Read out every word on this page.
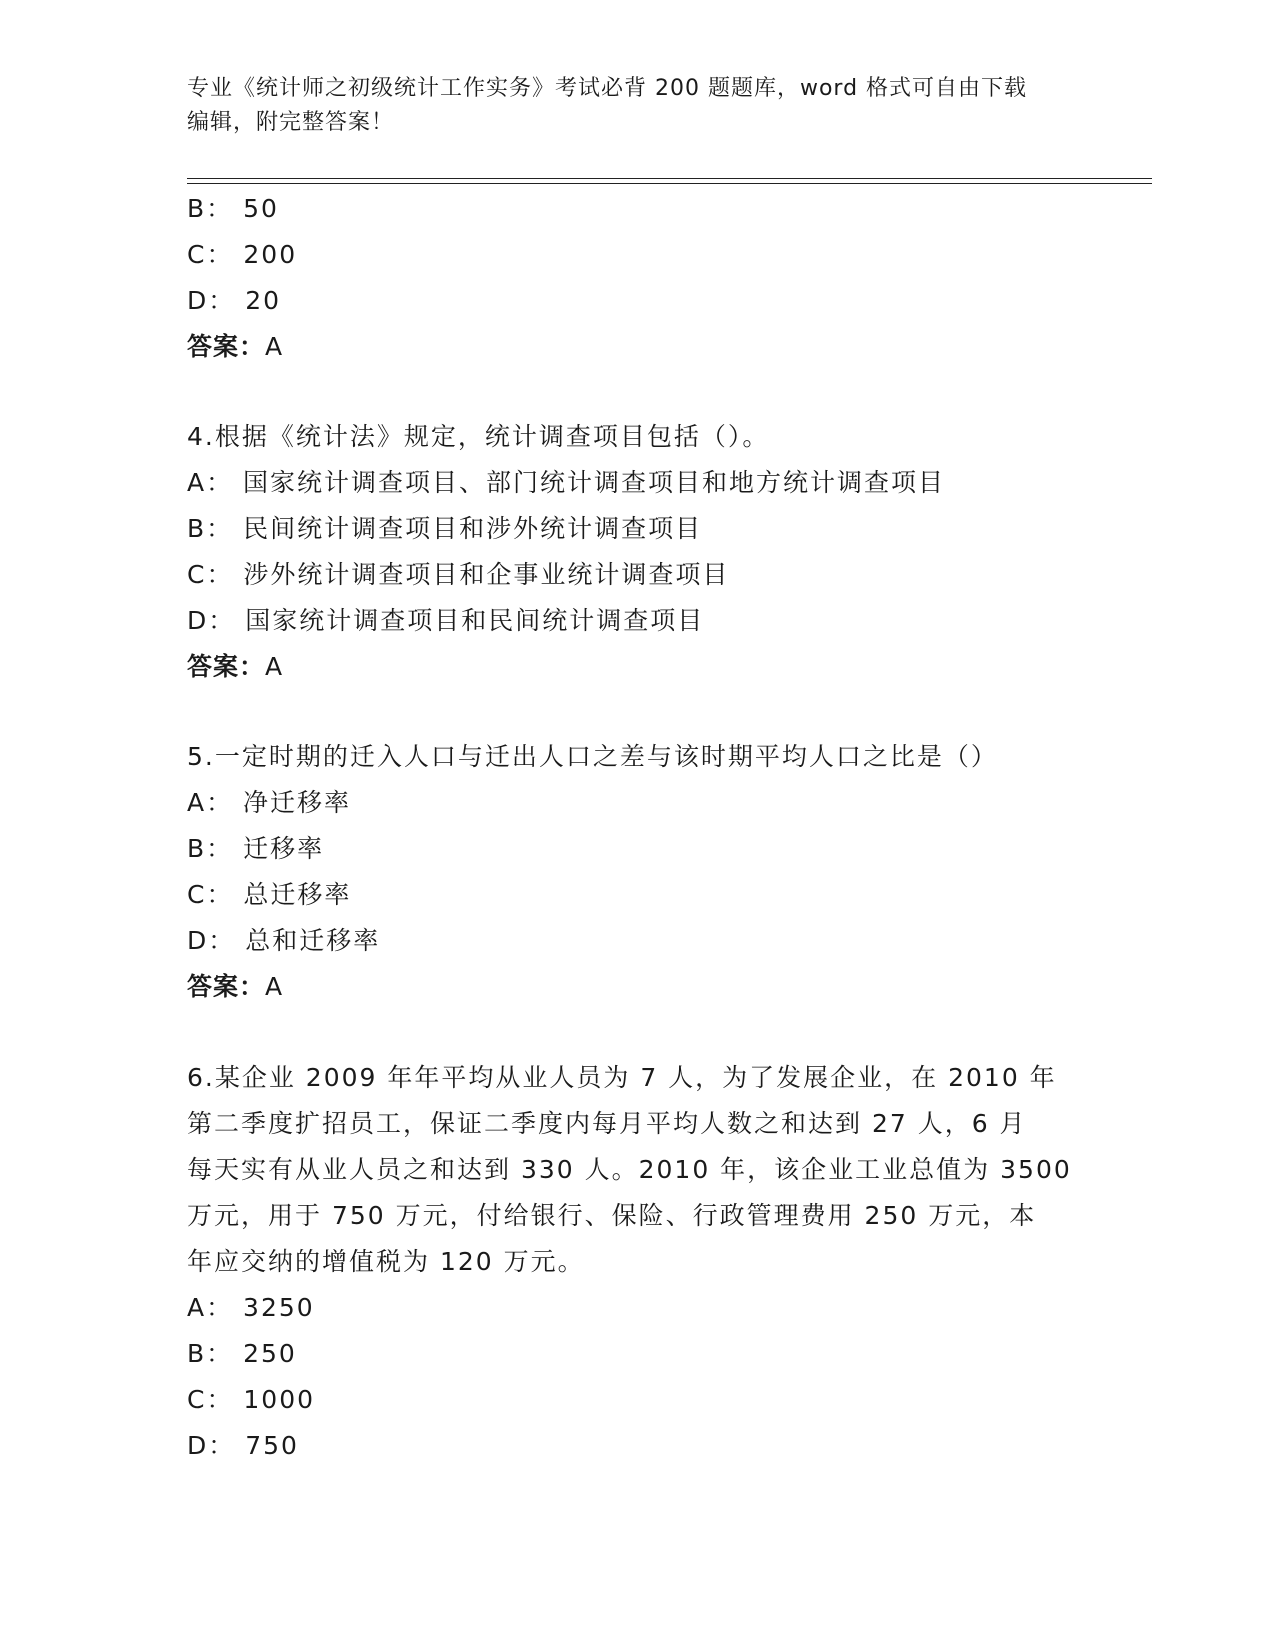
专业《统计师之初级统计工作实务》考试必背 200 题题库，word 格式可自由下载
编辑，附完整答案！
B： 50
C： 200
D： 20
答案：A
4.根据《统计法》规定，统计调查项目包括（）。
A： 国家统计调查项目、部门统计调查项目和地方统计调查项目
B： 民间统计调查项目和涉外统计调查项目
C： 涉外统计调查项目和企事业统计调查项目
D： 国家统计调查项目和民间统计调查项目
答案：A
5.一定时期的迁入人口与迁出人口之差与该时期平均人口之比是（）
A： 净迁移率
B： 迁移率
C： 总迁移率
D： 总和迁移率
答案：A
6.某企业 2009 年年平均从业人员为 7 人，为了发展企业，在 2010 年
第二季度扩招员工，保证二季度内每月平均人数之和达到 27 人，6 月
每天实有从业人员之和达到 330 人。2010 年，该企业工业总值为 3500
万元，用于 750 万元，付给银行、保险、行政管理费用 250 万元，本
年应交纳的增值税为 120 万元。
A： 3250
B： 250
C： 1000
D： 750
